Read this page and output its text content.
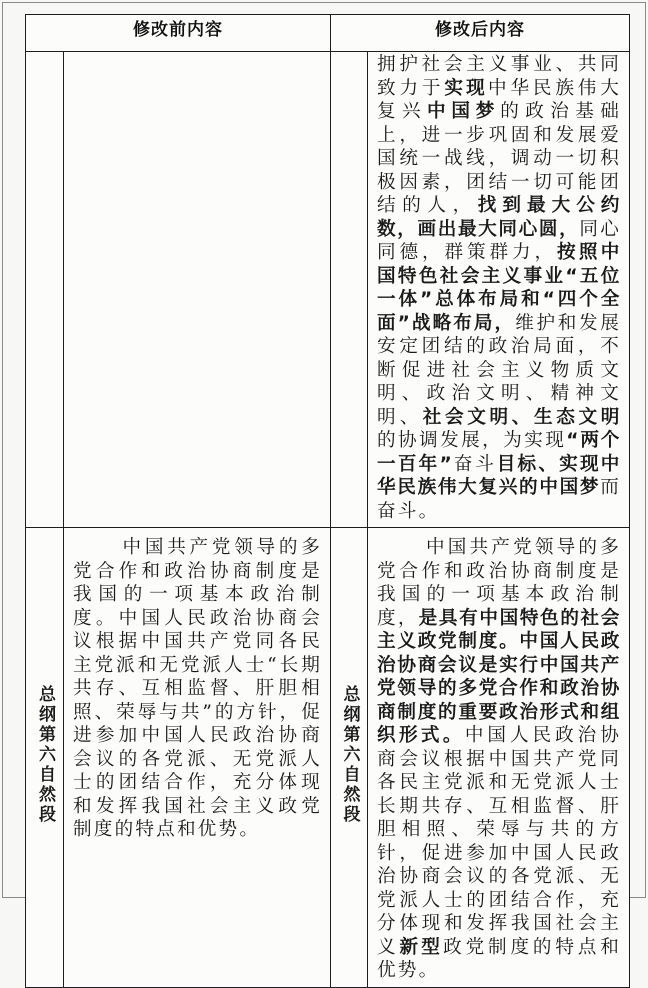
修改前内容		修改后内容	

			拥护社会主义事业、共同致力于实现中华民族伟大复兴中国梦的政治基础上，进一步巩固和发展爱国统一战线，调动一切积极因素，团结一切可能团结的人，找到最大公约数，画出最大同心圆，同心同德，群策群力，按照中国特色社会主义事业“五位一体”总体布局和“四个全面”战略布局，维护和发展安定团结的政治局面，不断促进社会主义物质文明、政治文明、精神文明、社会文明、生态文明的协调发展，为实现“两个一百年”奋斗目标、实现中华民族伟大复兴的中国梦而奋斗。

总纲第六自然段	中国共产党领导的多党合作和政治协商制度是我国的一项基本政治制度。中国人民政治协商会议根据中国共产党同各民主党派和无党派人士“长期共存、互相监督、肝胆相照、荣辱与共”的方针，促进参加中国人民政治协商会议的各党派、无党派人士的团结合作，充分体现和发挥我国社会主义政党制度的特点和优势。	总纲第六自然段	中国共产党领导的多党合作和政治协商制度是我国的一项基本政治制度，是具有中国特色的社会主义政党制度。中国人民政治协商会议是实行中国共产党领导的多党合作和政治协商制度的重要政治形式和组织形式。中国人民政治协商会议根据中国共产党同各民主党派和无党派人士长期共存、互相监督、肝胆相照、荣辱与共的方针，促进参加中国人民政治协商会议的各党派、无党派人士的团结合作，充分体现和发挥我国社会主义新型政党制度的特点和优势。
